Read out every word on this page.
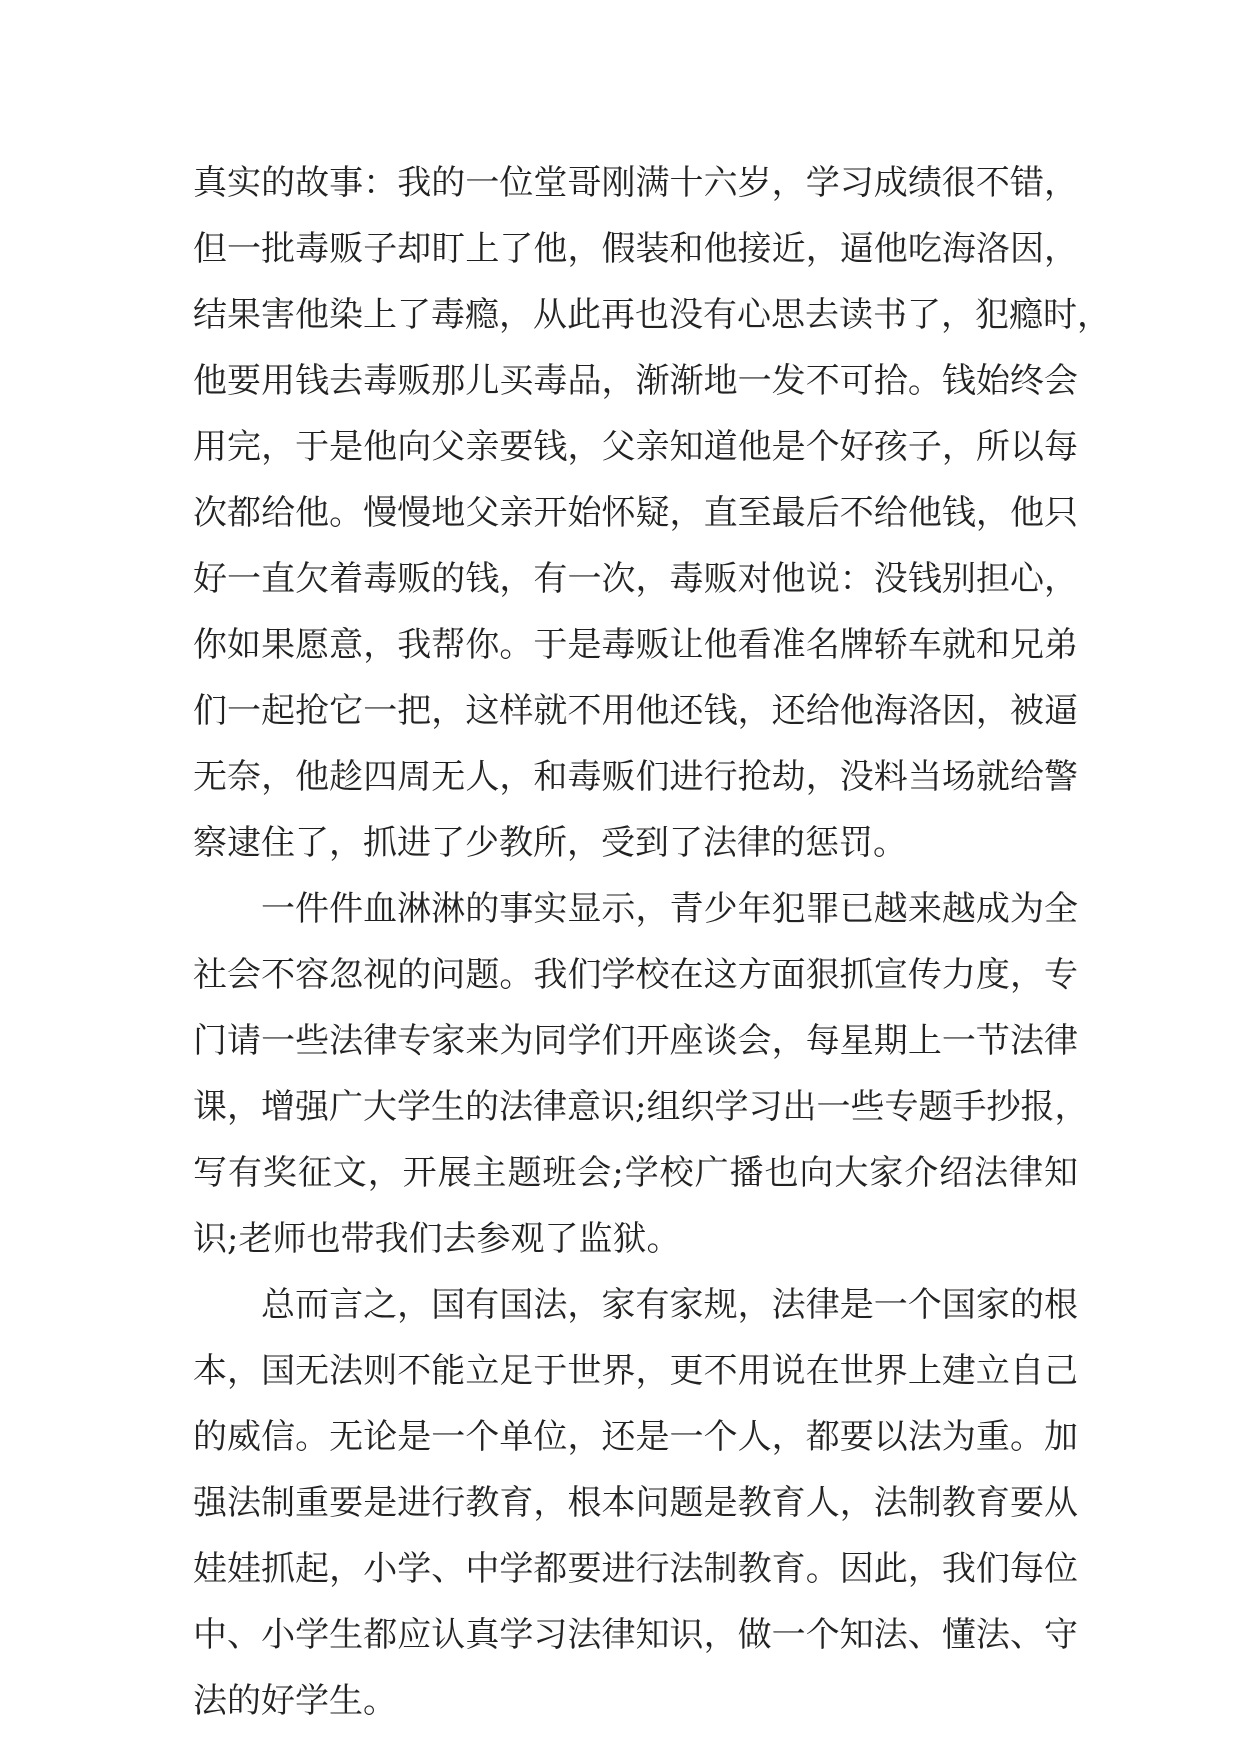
真实的故事：我的一位堂哥刚满十六岁，学习成绩很不错，
但一批毒贩子却盯上了他，假装和他接近，逼他吃海洛因，
结果害他染上了毒瘾，从此再也没有心思去读书了，犯瘾时，
他要用钱去毒贩那儿买毒品，渐渐地一发不可拾。钱始终会
用完，于是他向父亲要钱，父亲知道他是个好孩子，所以每
次都给他。慢慢地父亲开始怀疑，直至最后不给他钱，他只
好一直欠着毒贩的钱，有一次，毒贩对他说：没钱别担心，
你如果愿意，我帮你。于是毒贩让他看准名牌轿车就和兄弟
们一起抢它一把，这样就不用他还钱，还给他海洛因，被逼
无奈，他趁四周无人，和毒贩们进行抢劫，没料当场就给警
察逮住了，抓进了少教所，受到了法律的惩罚。
一件件血淋淋的事实显示，青少年犯罪已越来越成为全
社会不容忽视的问题。我们学校在这方面狠抓宣传力度，专
门请一些法律专家来为同学们开座谈会，每星期上一节法律
课，增强广大学生的法律意识;组织学习出一些专题手抄报，
写有奖征文，开展主题班会;学校广播也向大家介绍法律知
识;老师也带我们去参观了监狱。
总而言之，国有国法，家有家规，法律是一个国家的根
本，国无法则不能立足于世界，更不用说在世界上建立自己
的威信。无论是一个单位，还是一个人，都要以法为重。加
强法制重要是进行教育，根本问题是教育人，法制教育要从
娃娃抓起，小学、中学都要进行法制教育。因此，我们每位
中、小学生都应认真学习法律知识，做一个知法、懂法、守
法的好学生。
